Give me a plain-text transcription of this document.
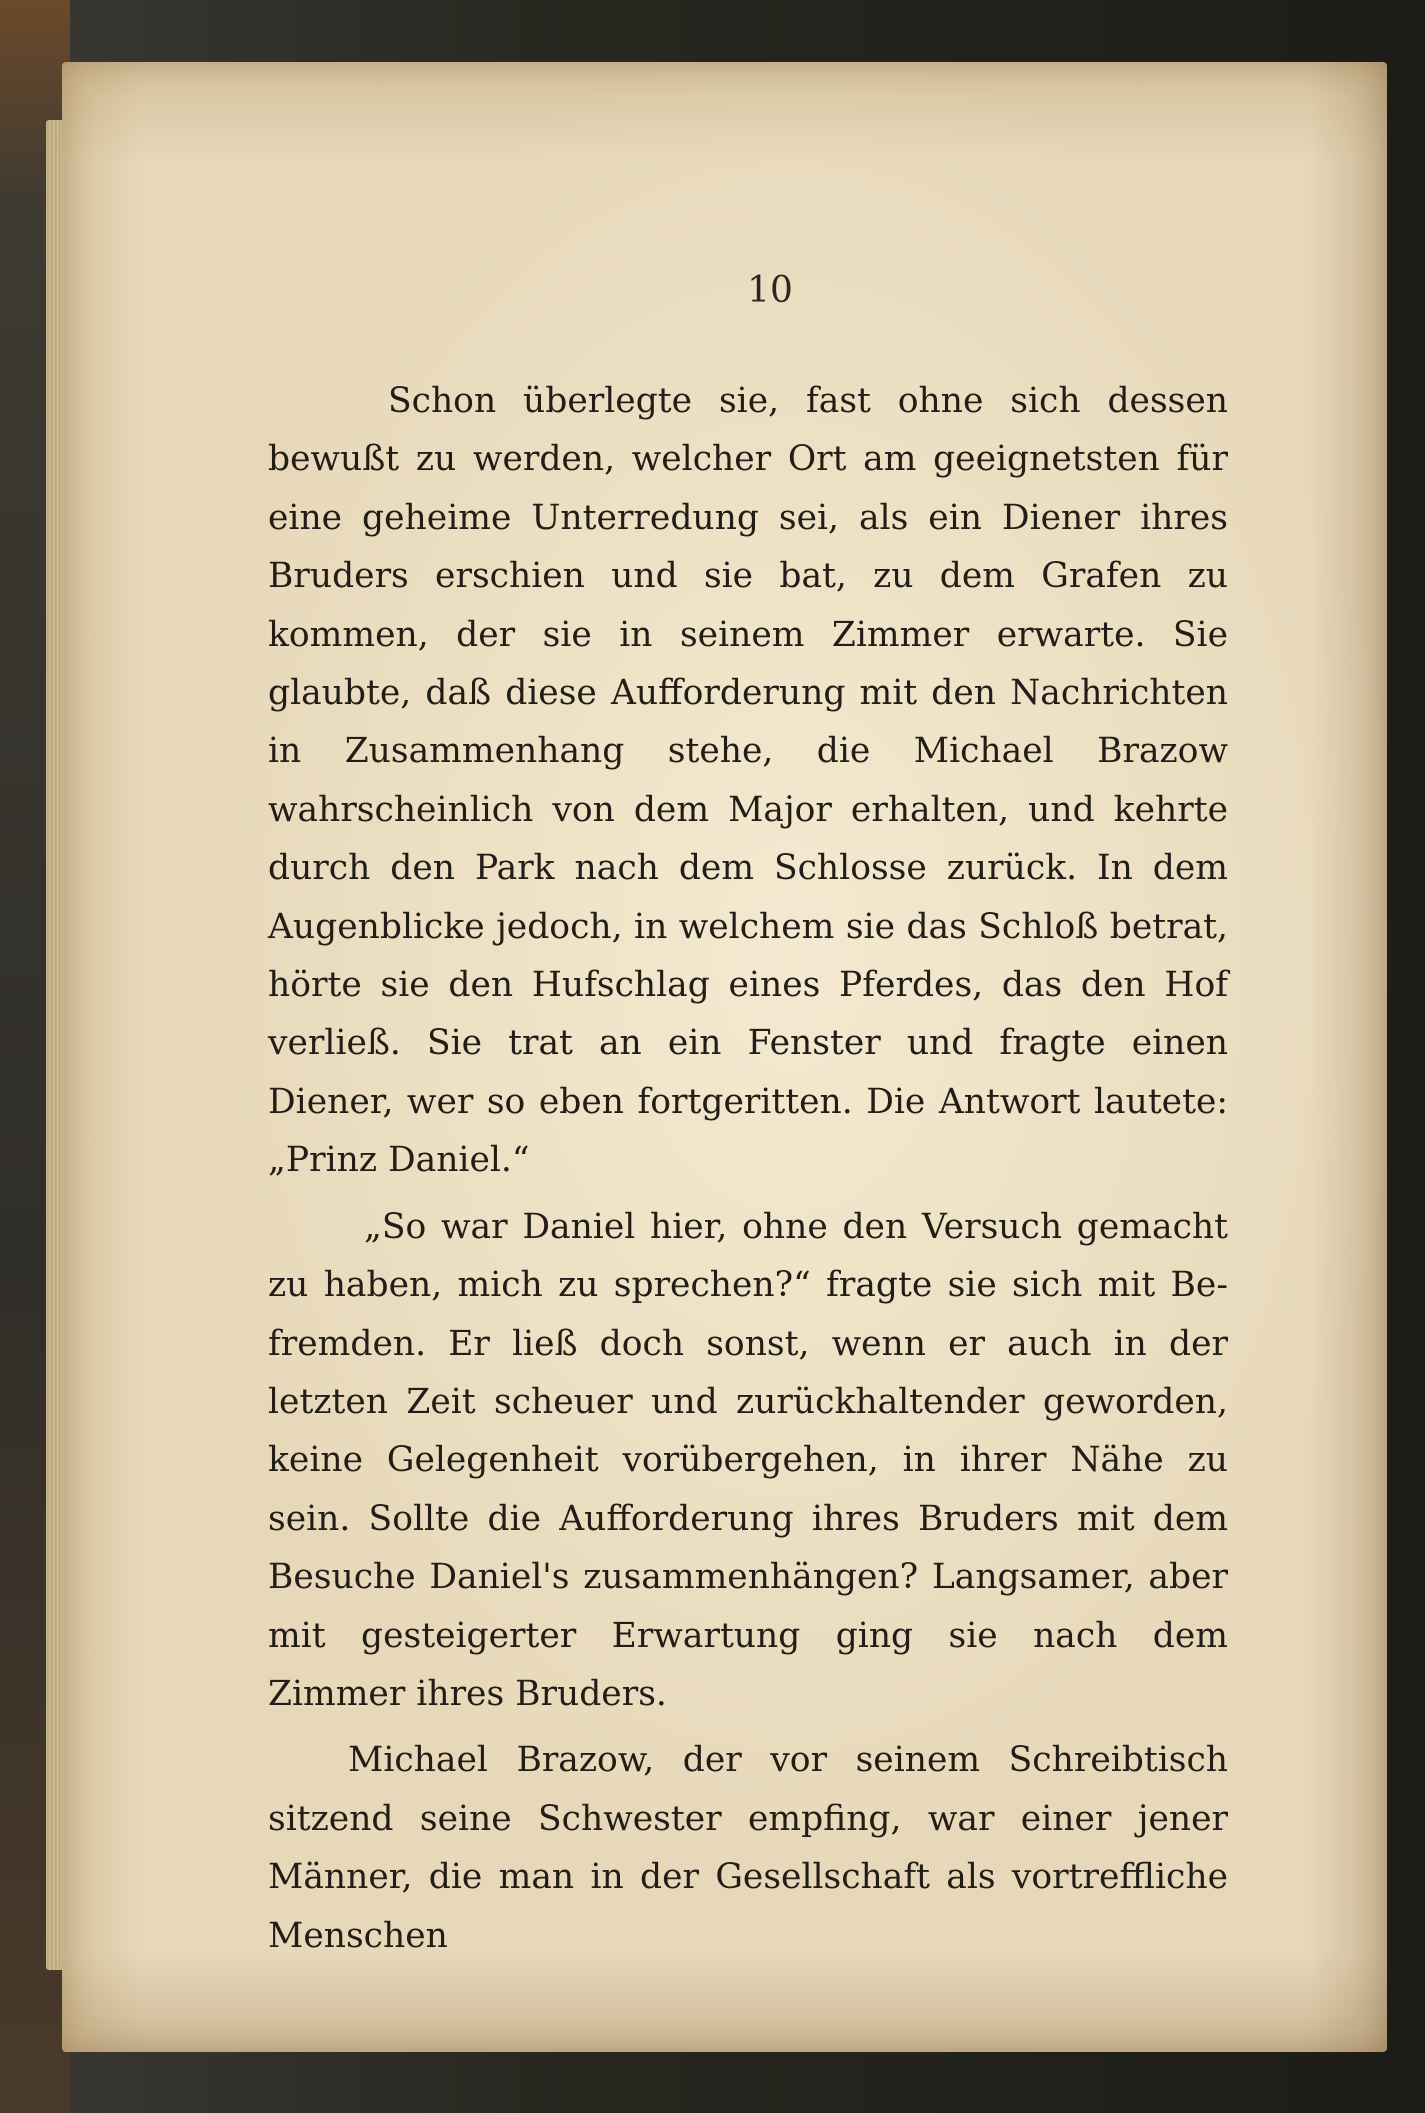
10

Schon überlegte sie, fast ohne sich dessen bewußt zu werden, welcher Ort am geeignetsten für eine geheime Unterredung sei, als ein Diener ihres Bruders erschien und sie bat, zu dem Grafen zu kommen, der sie in seinem Zimmer erwarte. Sie glaubte, daß diese Aufforderung mit den Nachrichten in Zusammenhang stehe, die Michael Brazow wahrscheinlich von dem Major erhalten, und kehrte durch den Park nach dem Schlosse zurück. In dem Augenblicke jedoch, in welchem sie das Schloß betrat, hörte sie den Hufschlag eines Pferdes, das den Hof verließ. Sie trat an ein Fenster und fragte einen Diener, wer so eben fortgeritten. Die Antwort lautete: „Prinz Daniel.“

„So war Daniel hier, ohne den Versuch gemacht zu haben, mich zu sprechen?“ fragte sie sich mit Befremden. Er ließ doch sonst, wenn er auch in der letzten Zeit scheuer und zurückhaltender geworden, keine Gelegenheit vorübergehen, in ihrer Nähe zu sein. Sollte die Aufforderung ihres Bruders mit dem Besuche Daniel's zusammenhängen? Langsamer, aber mit gesteigerter Erwartung ging sie nach dem Zimmer ihres Bruders.

Michael Brazow, der vor seinem Schreibtisch sitzend seine Schwester empfing, war einer jener Männer, die man in der Gesellschaft als vortreffliche Menschen
